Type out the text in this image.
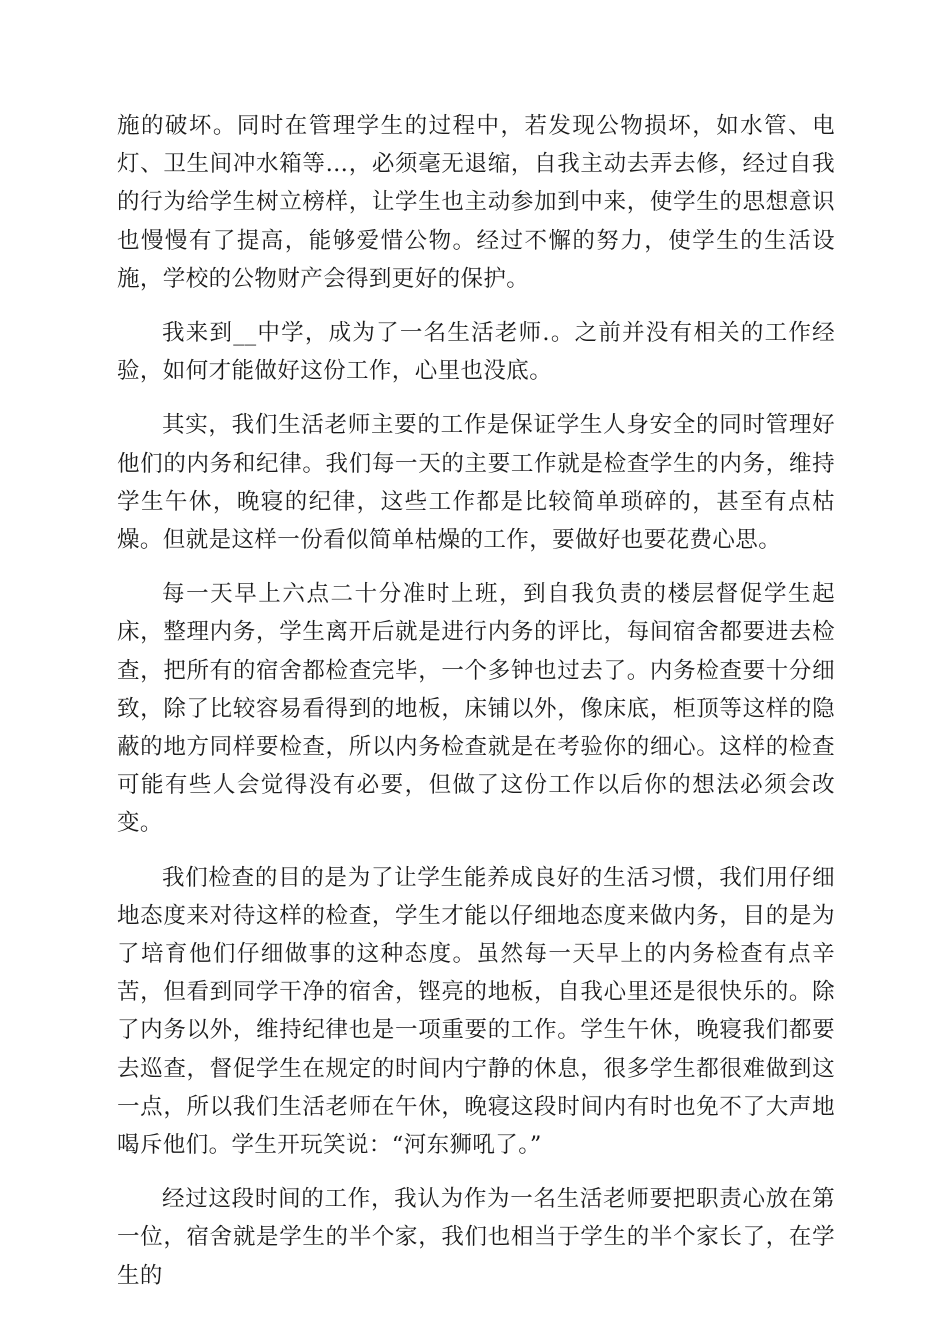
施的破坏。同时在管理学生的过程中，若发现公物损坏，如水管、电灯、卫生间冲水箱等…，必须毫无退缩，自我主动去弄去修，经过自我的行为给学生树立榜样，让学生也主动参加到中来，使学生的思想意识也慢慢有了提高，能够爱惜公物。经过不懈的努力，使学生的生活设施，学校的公物财产会得到更好的保护。

我来到__中学，成为了一名生活老师.。之前并没有相关的工作经验，如何才能做好这份工作，心里也没底。

其实，我们生活老师主要的工作是保证学生人身安全的同时管理好他们的内务和纪律。我们每一天的主要工作就是检查学生的内务，维持学生午休，晚寝的纪律，这些工作都是比较简单琐碎的，甚至有点枯燥。但就是这样一份看似简单枯燥的工作，要做好也要花费心思。

每一天早上六点二十分准时上班，到自我负责的楼层督促学生起床，整理内务，学生离开后就是进行内务的评比，每间宿舍都要进去检查，把所有的宿舍都检查完毕，一个多钟也过去了。内务检查要十分细致，除了比较容易看得到的地板，床铺以外，像床底，柜顶等这样的隐蔽的地方同样要检查，所以内务检查就是在考验你的细心。这样的检查可能有些人会觉得没有必要，但做了这份工作以后你的想法必须会改变。

我们检查的目的是为了让学生能养成良好的生活习惯，我们用仔细地态度来对待这样的检查，学生才能以仔细地态度来做内务，目的是为了培育他们仔细做事的这种态度。虽然每一天早上的内务检查有点辛苦，但看到同学干净的宿舍，铿亮的地板，自我心里还是很快乐的。除了内务以外，维持纪律也是一项重要的工作。学生午休，晚寝我们都要去巡查，督促学生在规定的时间内宁静的休息，很多学生都很难做到这一点，所以我们生活老师在午休，晚寝这段时间内有时也免不了大声地喝斥他们。学生开玩笑说：“河东狮吼了。”

经过这段时间的工作，我认为作为一名生活老师要把职责心放在第一位，宿舍就是学生的半个家，我们也相当于学生的半个家长了，在学生的
